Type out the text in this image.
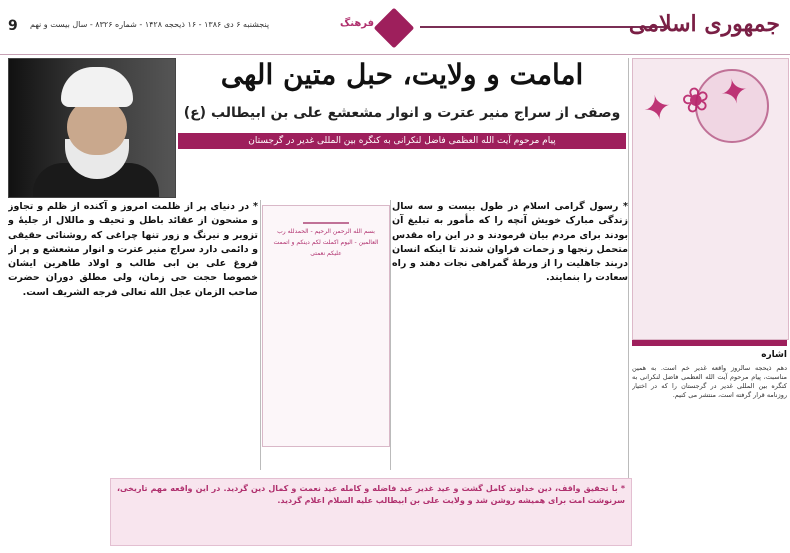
9 پنجشنبه ۶ دی ۱۳۸۶ - ۱۶ ذیحجه ۱۴۲۸ - شماره ۸۳۲۶ - سال بیست و نهم	فرهنگ	جمهوری اسلامی
✦ ❀ ✦
اشاره
دهم ذیحجه سالروز واقعه غدیر خم است. به همین مناسبت، پیام مرحوم آیت الله العظمی فاضل لنکرانی به کنگره بین المللی غدیر در گرجستان را که در اختیار روزنامه قرار گرفته است، منتشر می کنیم.
امامت و ولایت، حبل متین الهی
وصفی از سراج منیر عترت و انوار مشعشع علی بن ابیطالب (ع)
پیام مرحوم آیت الله العظمی فاضل لنکرانی به کنگره بین المللی غدیر در گرجستان
* در دنیای پر از ظلمت امروز و آکنده از ظلم و تجاوز و مشحون از عقائد باطل و تحیف و ماللال از جلیهٔ و تزویر و نیرنگ و زور تنها چراغی که روشنائی حقیقی و دائمی دارد سراج منیر عترت و انوار مشعشع و پر از فروغ علی بن ابی طالب و اولاد طاهرین ایشان خصوصا حجت حی زمان، ولی مطلق دوران حضرت صاحب الزمان عجل الله تعالی فرجه الشریف است.
بسم الله الرحمن الرحیم - الحمدلله رب العالمین - الیوم اکملت لکم دینکم و اتممت علیکم نعمتی
* رسول گرامی اسلام در طول بیست و سه سال زندگی مبارک خویش آنچه را که مأمور به تبلیغ آن بودند برای مردم بیان فرمودند و در این راه مقدس متحمل رنجها و زحمات فراوان شدند تا اینکه انسان دربند جاهلیت را از ورطهٔ گمراهی نجات دهند و راه سعادت را بنمایند.
* با تحقیق واقف، دین خداوند کامل گشت و عید غدیر عید فاضله و کامله عید نعمت و کمال دین گردید. در این واقعه مهم تاریخی، سرنوشت امت برای همیشه روشن شد و ولایت علی بن ابیطالب علیه السلام اعلام گردید.
